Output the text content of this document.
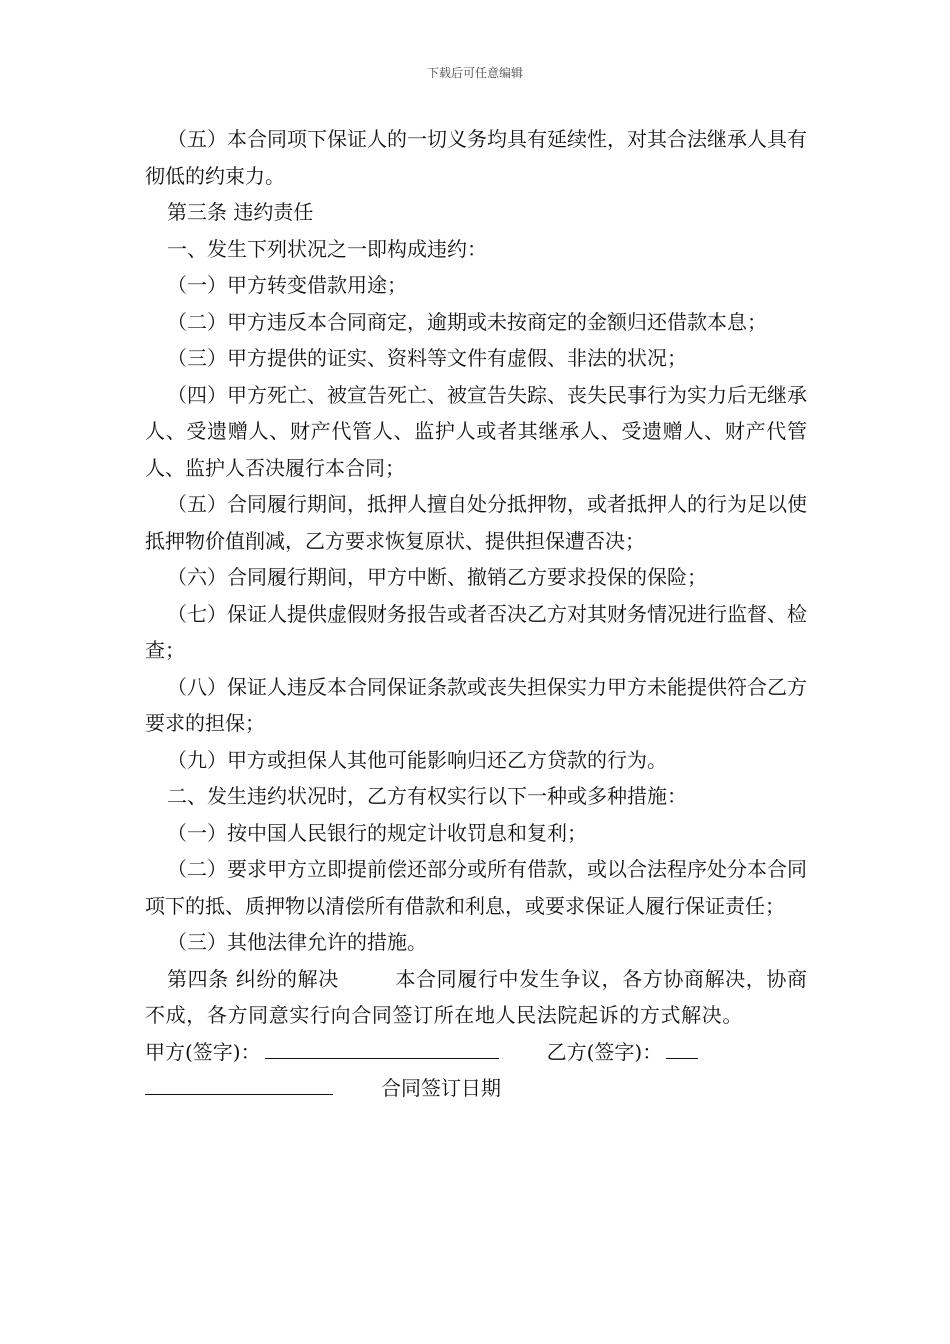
下载后可任意编辑

（五）本合同项下保证人的一切义务均具有延续性，对其合法继承人具有彻低的约束力。

第三条 违约责任

一、发生下列状况之一即构成违约：

（一）甲方转变借款用途；

（二）甲方违反本合同商定，逾期或未按商定的金额归还借款本息；

（三）甲方提供的证实、资料等文件有虚假、非法的状况；

（四）甲方死亡、被宣告死亡、被宣告失踪、丧失民事行为实力后无继承人、受遗赠人、财产代管人、监护人或者其继承人、受遗赠人、财产代管人、监护人否决履行本合同；

（五）合同履行期间，抵押人擅自处分抵押物，或者抵押人的行为足以使抵押物价值削减，乙方要求恢复原状、提供担保遭否决；

（六）合同履行期间，甲方中断、撤销乙方要求投保的保险；

（七）保证人提供虚假财务报告或者否决乙方对其财务情况进行监督、检查；

（八）保证人违反本合同保证条款或丧失担保实力甲方未能提供符合乙方要求的担保；

（九）甲方或担保人其他可能影响归还乙方贷款的行为。

二、发生违约状况时，乙方有权实行以下一种或多种措施：

（一）按中国人民银行的规定计收罚息和复利；

（二）要求甲方立即提前偿还部分或所有借款，或以合法程序处分本合同项下的抵、质押物以清偿所有借款和利息，或要求保证人履行保证责任；

（三）其他法律允许的措施。

第四条 纠纷的解决	本合同履行中发生争议，各方协商解决，协商不成，各方同意实行向合同签订所在地人民法院起诉的方式解决。甲方(签字)：	乙方(签字)：

合同签订日期
